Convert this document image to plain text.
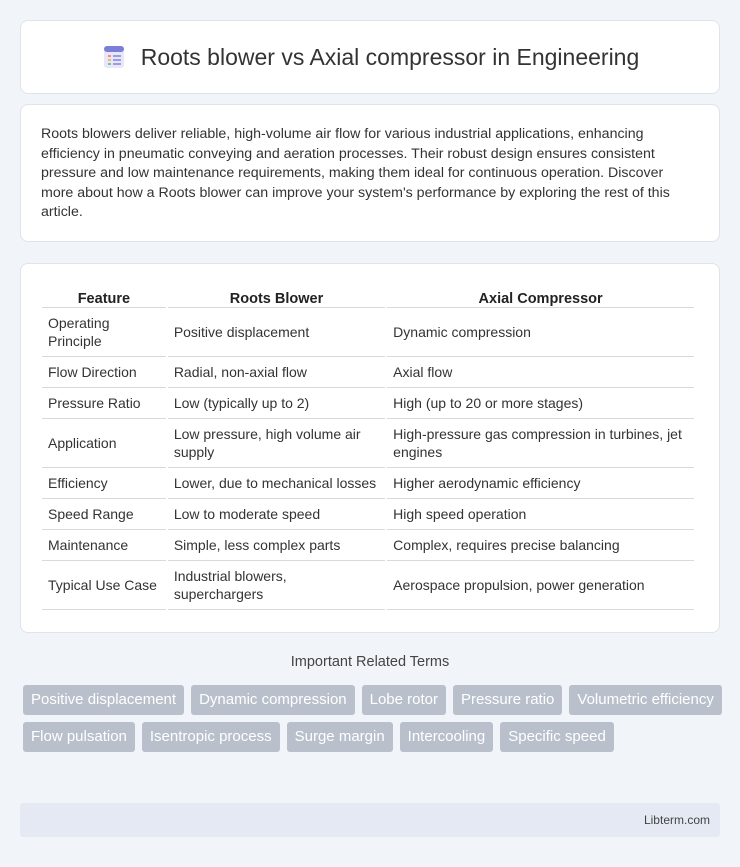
Roots blower vs Axial compressor in Engineering

Roots blowers deliver reliable, high-volume air flow for various industrial applications, enhancing efficiency in pneumatic conveying and aeration processes. Their robust design ensures consistent pressure and low maintenance requirements, making them ideal for continuous operation. Discover more about how a Roots blower can improve your system's performance by exploring the rest of this article.

Feature	Roots Blower	Axial Compressor
Operating Principle	Positive displacement	Dynamic compression
Flow Direction	Radial, non-axial flow	Axial flow
Pressure Ratio	Low (typically up to 2)	High (up to 20 or more stages)
Application	Low pressure, high volume air supply	High-pressure gas compression in turbines, jet engines
Efficiency	Lower, due to mechanical losses	Higher aerodynamic efficiency
Speed Range	Low to moderate speed	High speed operation
Maintenance	Simple, less complex parts	Complex, requires precise balancing
Typical Use Case	Industrial blowers, superchargers	Aerospace propulsion, power generation
Important Related Terms
Positive displacement	Dynamic compression	Lobe rotor	Pressure ratio	Volumetric efficiency
Flow pulsation	Isentropic process	Surge margin	Intercooling	Specific speed
Libterm.com
